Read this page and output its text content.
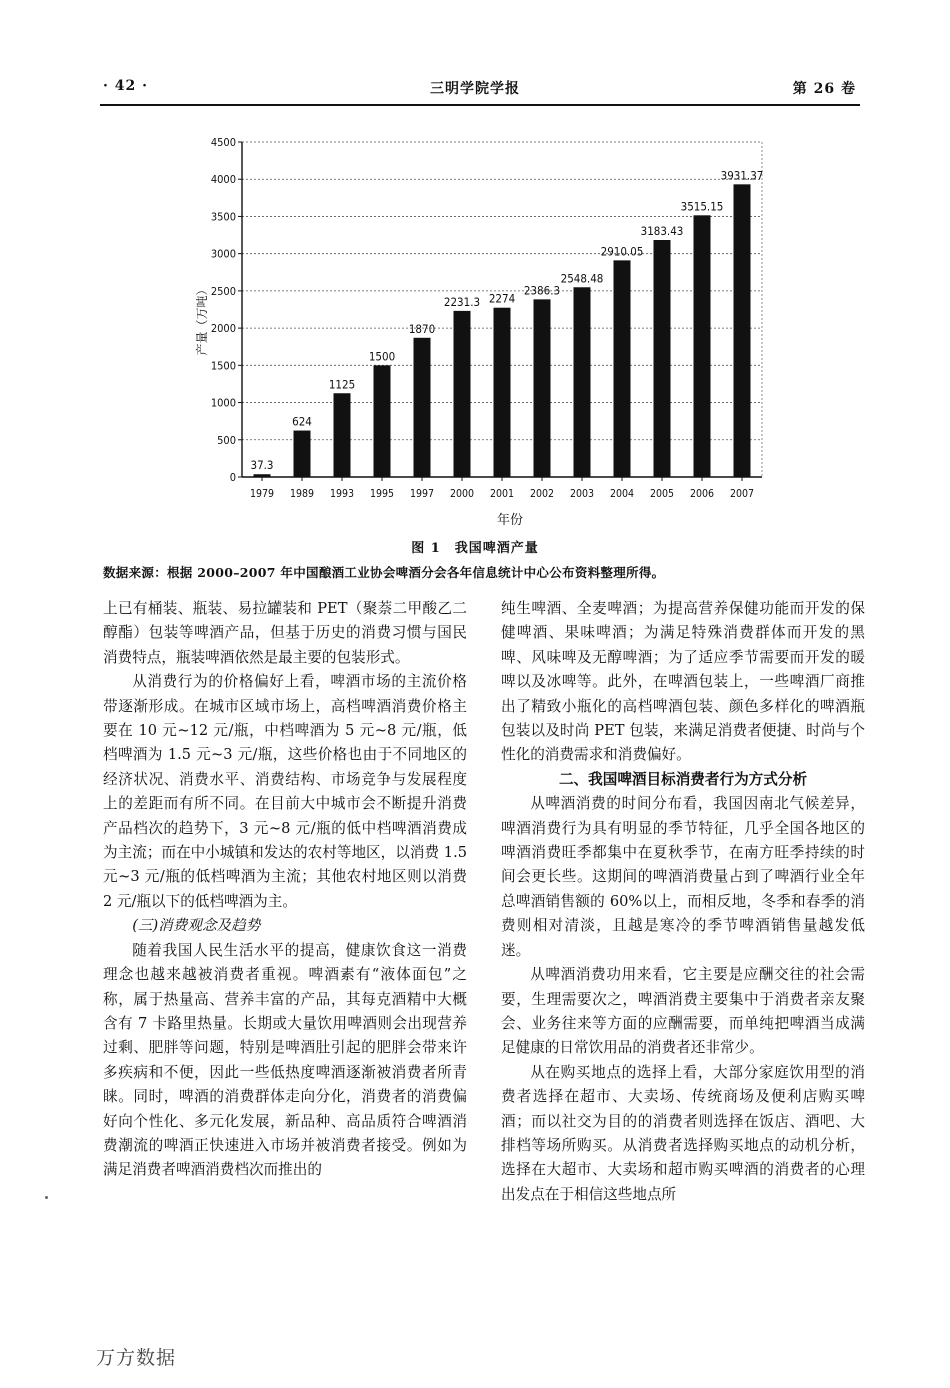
· 42 ·	三明学院学报	第 26 卷
0
500
1000
1500
2000
2500
3000
3500
4000
4500
37.3
1979
624
1989
1125
1993
1500
1995
1870
1997
2231.3
2000
2274
2001
2386.3
2002
2548.48
2003
2910.05
2004
3183.43
2005
3515.15
2006
3931.37
2007
年份
产量（万吨）
图 1　我国啤酒产量
数据来源：根据 2000–2007 年中国酿酒工业协会啤酒分会各年信息统计中心公布资料整理所得。

上已有桶装、瓶装、易拉罐装和 PET（聚萘二甲酸乙二醇酯）包装等啤酒产品，但基于历史的消费习惯与国民消费特点，瓶装啤酒依然是最主要的包装形式。

从消费行为的价格偏好上看，啤酒市场的主流价格带逐渐形成。在城市区域市场上，高档啤酒消费价格主要在 10 元~12 元/瓶，中档啤酒为 5 元~8 元/瓶，低档啤酒为 1.5 元~3 元/瓶，这些价格也由于不同地区的经济状况、消费水平、消费结构、市场竞争与发展程度上的差距而有所不同。在目前大中城市会不断提升消费产品档次的趋势下，3 元~8 元/瓶的低中档啤酒消费成为主流；而在中小城镇和发达的农村等地区，以消费 1.5 元~3 元/瓶的低档啤酒为主流；其他农村地区则以消费 2 元/瓶以下的低档啤酒为主。

(三)消费观念及趋势

随着我国人民生活水平的提高，健康饮食这一消费理念也越来越被消费者重视。啤酒素有“液体面包”之称，属于热量高、营养丰富的产品，其每克酒精中大概含有 7 卡路里热量。长期或大量饮用啤酒则会出现营养过剩、肥胖等问题，特别是啤酒肚引起的肥胖会带来许多疾病和不便，因此一些低热度啤酒逐渐被消费者所青睐。同时，啤酒的消费群体走向分化，消费者的消费偏好向个性化、多元化发展，新品种、高品质符合啤酒消费潮流的啤酒正快速进入市场并被消费者接受。例如为满足消费者啤酒消费档次而推出的

纯生啤酒、全麦啤酒；为提高营养保健功能而开发的保健啤酒、果味啤酒；为满足特殊消费群体而开发的黑啤、风味啤及无醇啤酒；为了适应季节需要而开发的暖啤以及冰啤等。此外，在啤酒包装上，一些啤酒厂商推出了精致小瓶化的高档啤酒包装、颜色多样化的啤酒瓶包装以及时尚 PET 包装，来满足消费者便捷、时尚与个性化的消费需求和消费偏好。

二、我国啤酒目标消费者行为方式分析

从啤酒消费的时间分布看，我国因南北气候差异，啤酒消费行为具有明显的季节特征，几乎全国各地区的啤酒消费旺季都集中在夏秋季节，在南方旺季持续的时间会更长些。这期间的啤酒消费量占到了啤酒行业全年总啤酒销售额的 60%以上，而相反地，冬季和春季的消费则相对清淡，且越是寒冷的季节啤酒销售量越发低迷。

从啤酒消费功用来看，它主要是应酬交往的社会需要，生理需要次之，啤酒消费主要集中于消费者亲友聚会、业务往来等方面的应酬需要，而单纯把啤酒当成满足健康的日常饮用品的消费者还非常少。

从在购买地点的选择上看，大部分家庭饮用型的消费者选择在超市、大卖场、传统商场及便利店购买啤酒；而以社交为目的的消费者则选择在饭店、酒吧、大排档等场所购买。从消费者选择购买地点的动机分析，选择在大超市、大卖场和超市购买啤酒的消费者的心理出发点在于相信这些地点所

万方数据
